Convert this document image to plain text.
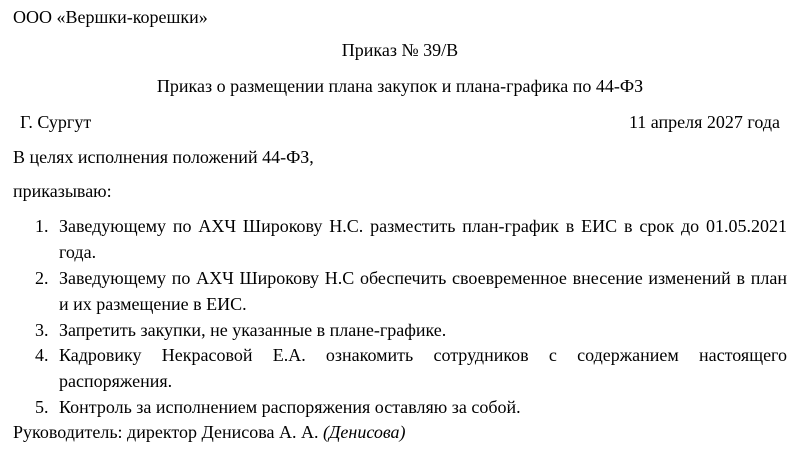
ООО «Вершки-корешки»
Приказ № 39/В
Приказ о размещении плана закупок и плана-графика по 44-ФЗ
Г. Сургут	11 апреля 2027 года
В целях исполнения положений 44-ФЗ,
приказываю:
1. Заведующему по АХЧ Широкову Н.С. разместить план-график в ЕИС в срок до 01.05.2021 года.
2. Заведующему по АХЧ Широкову Н.С обеспечить своевременное внесение изменений в план и их размещение в ЕИС.
3. Запретить закупки, не указанные в плане-графике.
4. Кадровику Некрасовой Е.А. ознакомить сотрудников с содержанием настоящего распоряжения.
5. Контроль за исполнением распоряжения оставляю за собой.
Руководитель: директор Денисова А. А. (Денисова)
